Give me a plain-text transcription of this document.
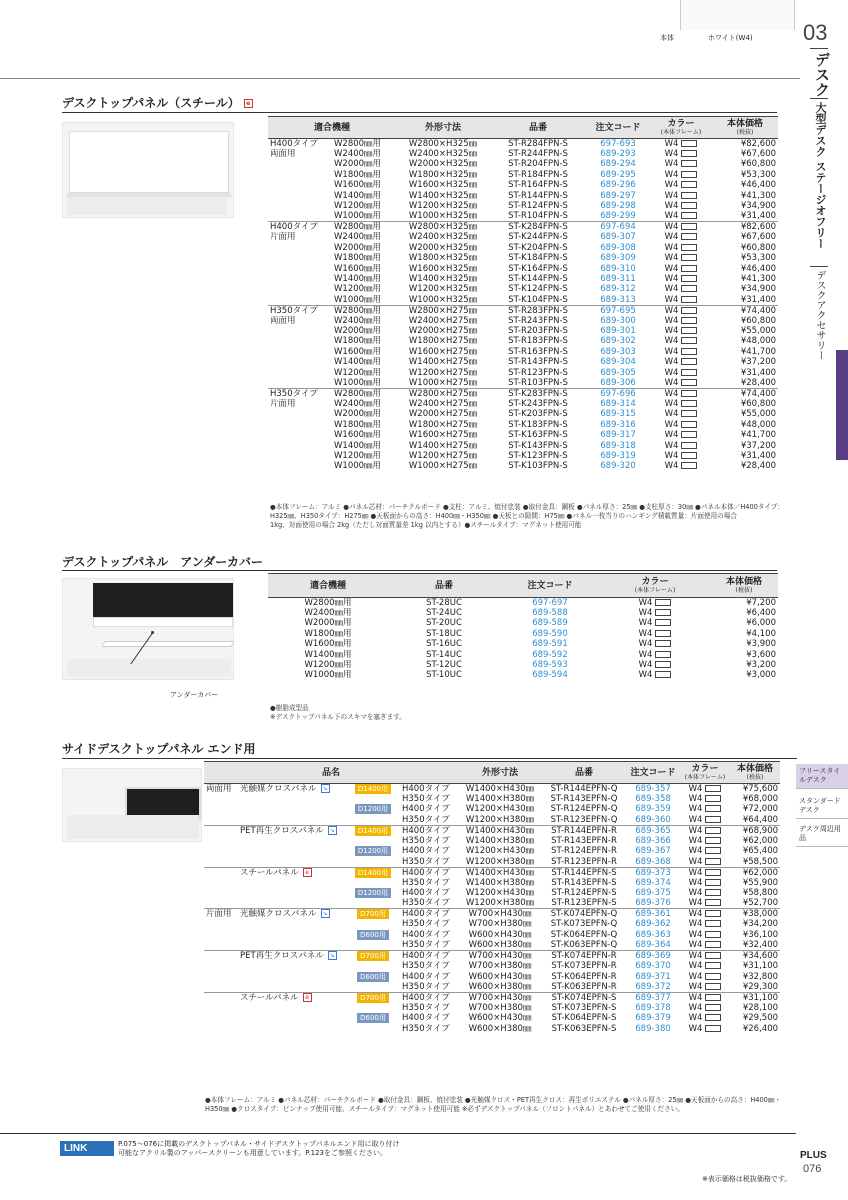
本体	ホワイト(W4) 03
デスク
大型デスク ステージオフリー
デスクアクセサリー
フリースタイルデスク
スタンダードデスク
デスク周辺用品
デスクトップパネル（スチール） e
適合機種		外形寸法	品番	注文コード	カラー
(本体フレーム)	本体価格
(税抜)

H400タイプ	W2800㎜用	W2800×H325㎜	ST-R284FPN-S	697-693	W4	¥82,600
両面用	W2400㎜用	W2400×H325㎜	ST-R244FPN-S	689-293	W4	¥67,600
	W2000㎜用	W2000×H325㎜	ST-R204FPN-S	689-294	W4	¥60,800
	W1800㎜用	W1800×H325㎜	ST-R184FPN-S	689-295	W4	¥53,300
	W1600㎜用	W1600×H325㎜	ST-R164FPN-S	689-296	W4	¥46,400
	W1400㎜用	W1400×H325㎜	ST-R144FPN-S	689-297	W4	¥41,300
	W1200㎜用	W1200×H325㎜	ST-R124FPN-S	689-298	W4	¥34,900
	W1000㎜用	W1000×H325㎜	ST-R104FPN-S	689-299	W4	¥31,400
H400タイプ	W2800㎜用	W2800×H325㎜	ST-K284FPN-S	697-694	W4	¥82,600
片面用	W2400㎜用	W2400×H325㎜	ST-K244FPN-S	689-307	W4	¥67,600
	W2000㎜用	W2000×H325㎜	ST-K204FPN-S	689-308	W4	¥60,800
	W1800㎜用	W1800×H325㎜	ST-K184FPN-S	689-309	W4	¥53,300
	W1600㎜用	W1600×H325㎜	ST-K164FPN-S	689-310	W4	¥46,400
	W1400㎜用	W1400×H325㎜	ST-K144FPN-S	689-311	W4	¥41,300
	W1200㎜用	W1200×H325㎜	ST-K124FPN-S	689-312	W4	¥34,900
	W1000㎜用	W1000×H325㎜	ST-K104FPN-S	689-313	W4	¥31,400
H350タイプ	W2800㎜用	W2800×H275㎜	ST-R283FPN-S	697-695	W4	¥74,400
両面用	W2400㎜用	W2400×H275㎜	ST-R243FPN-S	689-300	W4	¥60,800
	W2000㎜用	W2000×H275㎜	ST-R203FPN-S	689-301	W4	¥55,000
	W1800㎜用	W1800×H275㎜	ST-R183FPN-S	689-302	W4	¥48,000
	W1600㎜用	W1600×H275㎜	ST-R163FPN-S	689-303	W4	¥41,700
	W1400㎜用	W1400×H275㎜	ST-R143FPN-S	689-304	W4	¥37,200
	W1200㎜用	W1200×H275㎜	ST-R123FPN-S	689-305	W4	¥31,400
	W1000㎜用	W1000×H275㎜	ST-R103FPN-S	689-306	W4	¥28,400
H350タイプ	W2800㎜用	W2800×H275㎜	ST-K283FPN-S	697-696	W4	¥74,400
片面用	W2400㎜用	W2400×H275㎜	ST-K243FPN-S	689-314	W4	¥60,800
	W2000㎜用	W2000×H275㎜	ST-K203FPN-S	689-315	W4	¥55,000
	W1800㎜用	W1800×H275㎜	ST-K183FPN-S	689-316	W4	¥48,000
	W1600㎜用	W1600×H275㎜	ST-K163FPN-S	689-317	W4	¥41,700
	W1400㎜用	W1400×H275㎜	ST-K143FPN-S	689-318	W4	¥37,200
	W1200㎜用	W1200×H275㎜	ST-K123FPN-S	689-319	W4	¥31,400
	W1000㎜用	W1000×H275㎜	ST-K103FPN-S	689-320	W4	¥28,400
●本体フレーム：アルミ ●パネル芯材：パーチクルボード ●支柱：アルミ、焼付塗装 ●取付金具：鋼板 ●パネル厚さ：25㎜ ●支柱厚さ：30㎜ ●パネル本体／H400タイプ：
H325㎜、H350タイプ：H275㎜ ●天板面からの高さ：H400㎜・H350㎜ ●天板との隙間：H75㎜ ●パネル一枚当りのハンギング積載質量：片面使用の場合
1kg、対面使用の場合 2kg（ただし対面質量差 1kg 以内とする）●スチールタイプ：マグネット使用可能
デスクトップパネル　アンダーカバー
アンダーカバー
適合機種	品番	注文コード	カラー
(本体フレーム)	本体価格
(税抜)

W2800㎜用	ST-28UC	697-697	W4	¥7,200
W2400㎜用	ST-24UC	689-588	W4	¥6,400
W2000㎜用	ST-20UC	689-589	W4	¥6,000
W1800㎜用	ST-18UC	689-590	W4	¥4,100
W1600㎜用	ST-16UC	689-591	W4	¥3,900
W1400㎜用	ST-14UC	689-592	W4	¥3,600
W1200㎜用	ST-12UC	689-593	W4	¥3,200
W1000㎜用	ST-10UC	689-594	W4	¥3,000
●樹脂成型品
※デスクトップパネル下のスキマを塞ぎます。
サイドデスクトップパネル エンド用
品名				外形寸法	品番	注文コード	カラー
(本体フレーム)	本体価格
(税抜)

両面用	光触媒クロスパネル ↘	D1400用	H400タイプ	W1400×H430㎜	ST-R144EPFN-Q	689-357	W4	¥75,600
			H350タイプ	W1400×H380㎜	ST-R143EPFN-Q	689-358	W4	¥68,000
		D1200用	H400タイプ	W1200×H430㎜	ST-R124EPFN-Q	689-359	W4	¥72,000
			H350タイプ	W1200×H380㎜	ST-R123EPFN-Q	689-360	W4	¥64,400
	PET再生クロスパネル ↘	D1400用	H400タイプ	W1400×H430㎜	ST-R144EPFN-R	689-365	W4	¥68,900
			H350タイプ	W1400×H380㎜	ST-R143EPFN-R	689-366	W4	¥62,000
		D1200用	H400タイプ	W1200×H430㎜	ST-R124EPFN-R	689-367	W4	¥65,400
			H350タイプ	W1200×H380㎜	ST-R123EPFN-R	689-368	W4	¥58,500
	スチールパネル e	D1400用	H400タイプ	W1400×H430㎜	ST-R144EPFN-S	689-373	W4	¥62,000
			H350タイプ	W1400×H380㎜	ST-R143EPFN-S	689-374	W4	¥55,900
		D1200用	H400タイプ	W1200×H430㎜	ST-R124EPFN-S	689-375	W4	¥58,800
			H350タイプ	W1200×H380㎜	ST-R123EPFN-S	689-376	W4	¥52,700
片面用	光触媒クロスパネル ↘	D700用	H400タイプ	W700×H430㎜	ST-K074EPFN-Q	689-361	W4	¥38,000
			H350タイプ	W700×H380㎜	ST-K073EPFN-Q	689-362	W4	¥34,200
		D600用	H400タイプ	W600×H430㎜	ST-K064EPFN-Q	689-363	W4	¥36,100
			H350タイプ	W600×H380㎜	ST-K063EPFN-Q	689-364	W4	¥32,400
	PET再生クロスパネル ↘	D700用	H400タイプ	W700×H430㎜	ST-K074EPFN-R	689-369	W4	¥34,600
			H350タイプ	W700×H380㎜	ST-K073EPFN-R	689-370	W4	¥31,100
		D600用	H400タイプ	W600×H430㎜	ST-K064EPFN-R	689-371	W4	¥32,800
			H350タイプ	W600×H380㎜	ST-K063EPFN-R	689-372	W4	¥29,300
	スチールパネル e	D700用	H400タイプ	W700×H430㎜	ST-K074EPFN-S	689-377	W4	¥31,100
			H350タイプ	W700×H380㎜	ST-K073EPFN-S	689-378	W4	¥28,100
		D600用	H400タイプ	W600×H430㎜	ST-K064EPFN-S	689-379	W4	¥29,500
			H350タイプ	W600×H380㎜	ST-K063EPFN-S	689-380	W4	¥26,400
●本体フレーム：アルミ ●パネル芯材：パーチクルボード ●取付金具：鋼板、焼付塗装 ●光触媒クロス・PET再生クロス：再生ポリエステル ●パネル厚さ：25㎜ ●天板面からの高さ：H400㎜・
H350㎜ ●クロスタイプ：ピンナップ使用可能、スチールタイプ：マグネット使用可能 ※必ずデスクトップパネル（フロントパネル）とあわせてご使用ください。
LINK	P.075～076に掲載のデスクトップパネル・サイドデスクトップパネルエンド用に取り付け
可能なアクリル製のアッパースクリーンも用意しています。P.123をご参照ください。	PLUS
076
※表示価格は税抜価格です。
